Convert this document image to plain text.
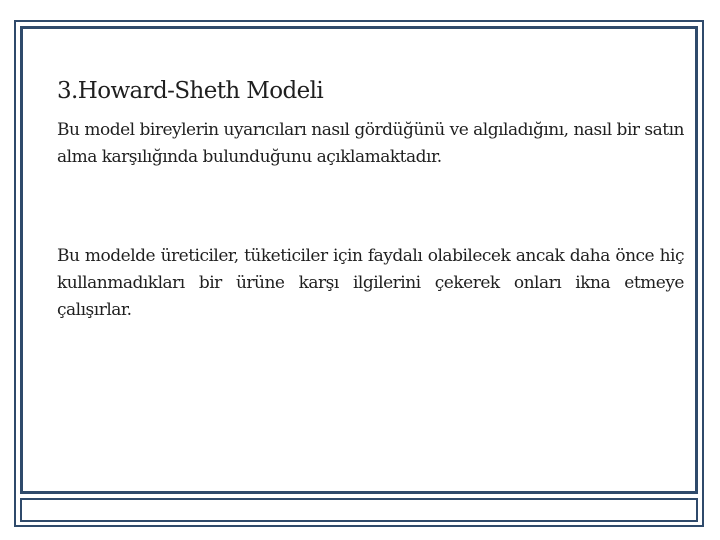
3.Howard-Sheth Modeli

Bu model bireylerin uyarıcıları nasıl gördüğünü ve algıladığını, nasıl bir satın alma karşılığında bulunduğunu açıklamaktadır.

Bu modelde üreticiler, tüketiciler için faydalı olabilecek ancak daha önce hiç kullanmadıkları bir ürüne karşı ilgilerini çekerek onları ikna etmeye çalışırlar.
